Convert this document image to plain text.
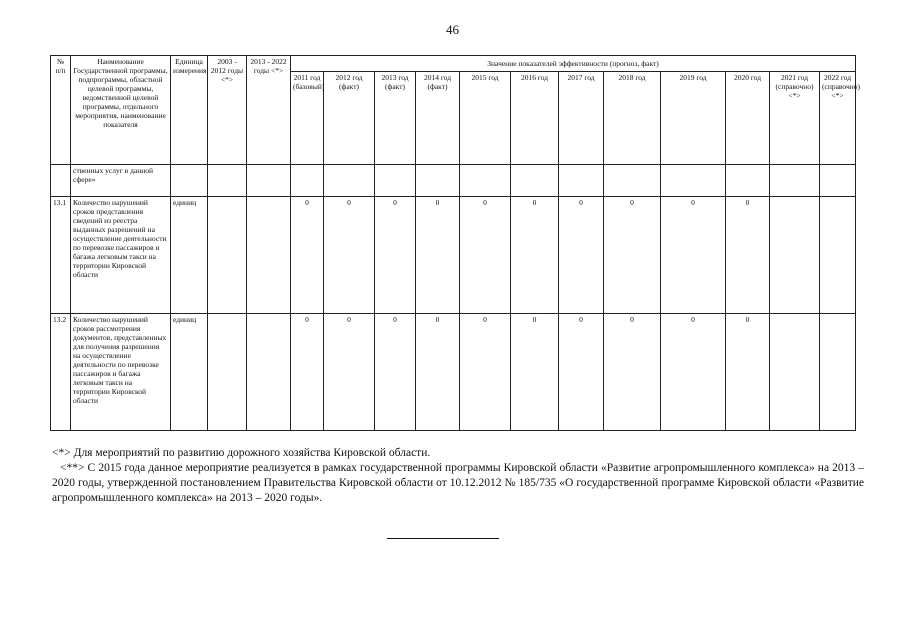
46
№ п/п	Наименование Государственной программы, подпрограммы, областной целевой программы, ведомственной целевой программы, отдельного мероприятия, наименование показателя	Единица измерения	2003 - 2012 годы <*>	2013 - 2022 годы <*>	Значение показателей эффективности (прогноз, факт)											
					2011 год (базовый)	2012 год (факт)	2013 год (факт)	2014 год (факт)	2015 год	2016 год	2017 год	2018 год	2019 год	2020 год	2021 год (справочно) <*>	2022 год (справочно) <*>
	ственных услуг в данной сфере»															
13.1	Количество нарушений сроков представления сведений из реестра выданных разрешений на осуществление деятельности по перевозке пассажиров и багажа легковым такси на территории Кировской области	единиц			0	0	0	0	0	0	0	0	0	0		
13.2	Количество нарушений сроков рассмотрения документов, представленных для получения разрешения на осуществление деятельности по перевозке пассажиров и багажа легковым такси на территории Кировской области	единиц			0	0	0	0	0	0	0	0	0	0		

<*> Для мероприятий по развитию дорожного хозяйства Кировской области.

<**> С 2015 года данное мероприятие реализуется в рамках государственной программы Кировской области «Развитие агропромышленного комплекса» на 2013 – 2020 годы, утвержденной постановлением Правительства Кировской области от 10.12.2012 № 185/735 «О государственной программе Кировской области «Развитие агропромышленного комплекса» на 2013 – 2020 годы».
